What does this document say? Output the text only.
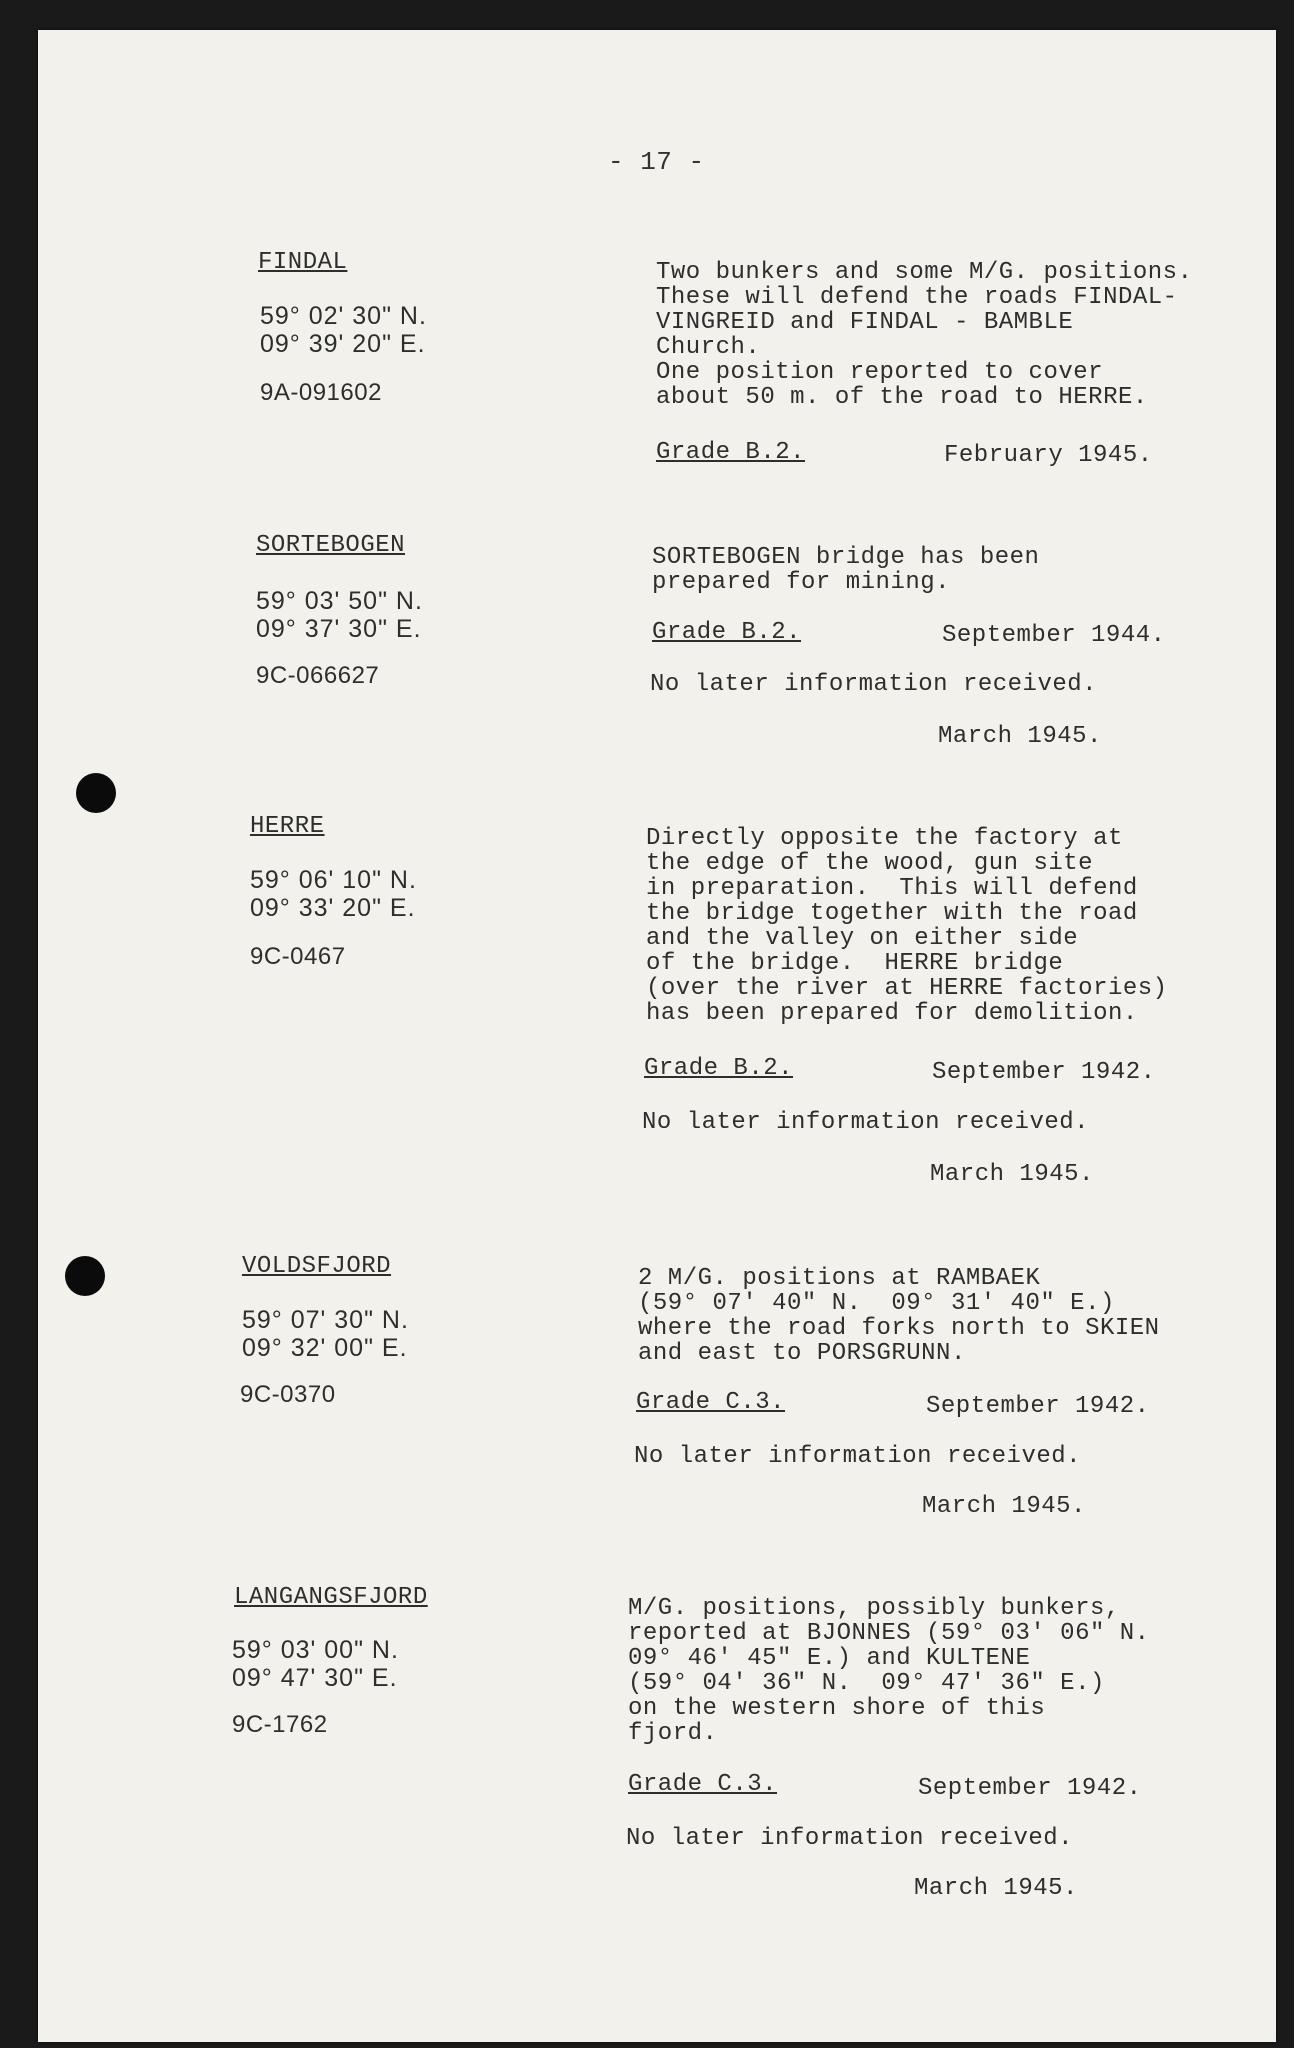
- 17 -
FINDAL
59° 02' 30" N.
09° 39' 20" E.
9A-091602
Two bunkers and some M/G. positions.
These will defend the roads FINDAL-
VINGREID and FINDAL - BAMBLE
Church.
One position reported to cover
about 50 m. of the road to HERRE.
Grade B.2.	February 1945.
SORTEBOGEN
59° 03' 50" N.
09° 37' 30" E.
9C-066627
SORTEBOGEN bridge has been
prepared for mining.
Grade B.2.	September 1944.
No later information received.
March 1945.
HERRE
59° 06' 10" N.
09° 33' 20" E.
9C-0467
Directly opposite the factory at
the edge of the wood, gun site
in preparation.  This will defend
the bridge together with the road
and the valley on either side
of the bridge.  HERRE bridge
(over the river at HERRE factories)
has been prepared for demolition.
Grade B.2.	September 1942.
No later information received.
March 1945.
VOLDSFJORD
59° 07' 30" N.
09° 32' 00" E.
9C-0370
2 M/G. positions at RAMBAEK
(59° 07' 40" N.  09° 31' 40" E.)
where the road forks north to SKIEN
and east to PORSGRUNN.
Grade C.3.	September 1942.
No later information received.
March 1945.
LANGANGSFJORD
59° 03' 00" N.
09° 47' 30" E.
9C-1762
M/G. positions, possibly bunkers,
reported at BJONNES (59° 03' 06" N.
09° 46' 45" E.) and KULTENE
(59° 04' 36" N.  09° 47' 36" E.)
on the western shore of this
fjord.
Grade C.3.	September 1942.
No later information received.
March 1945.
